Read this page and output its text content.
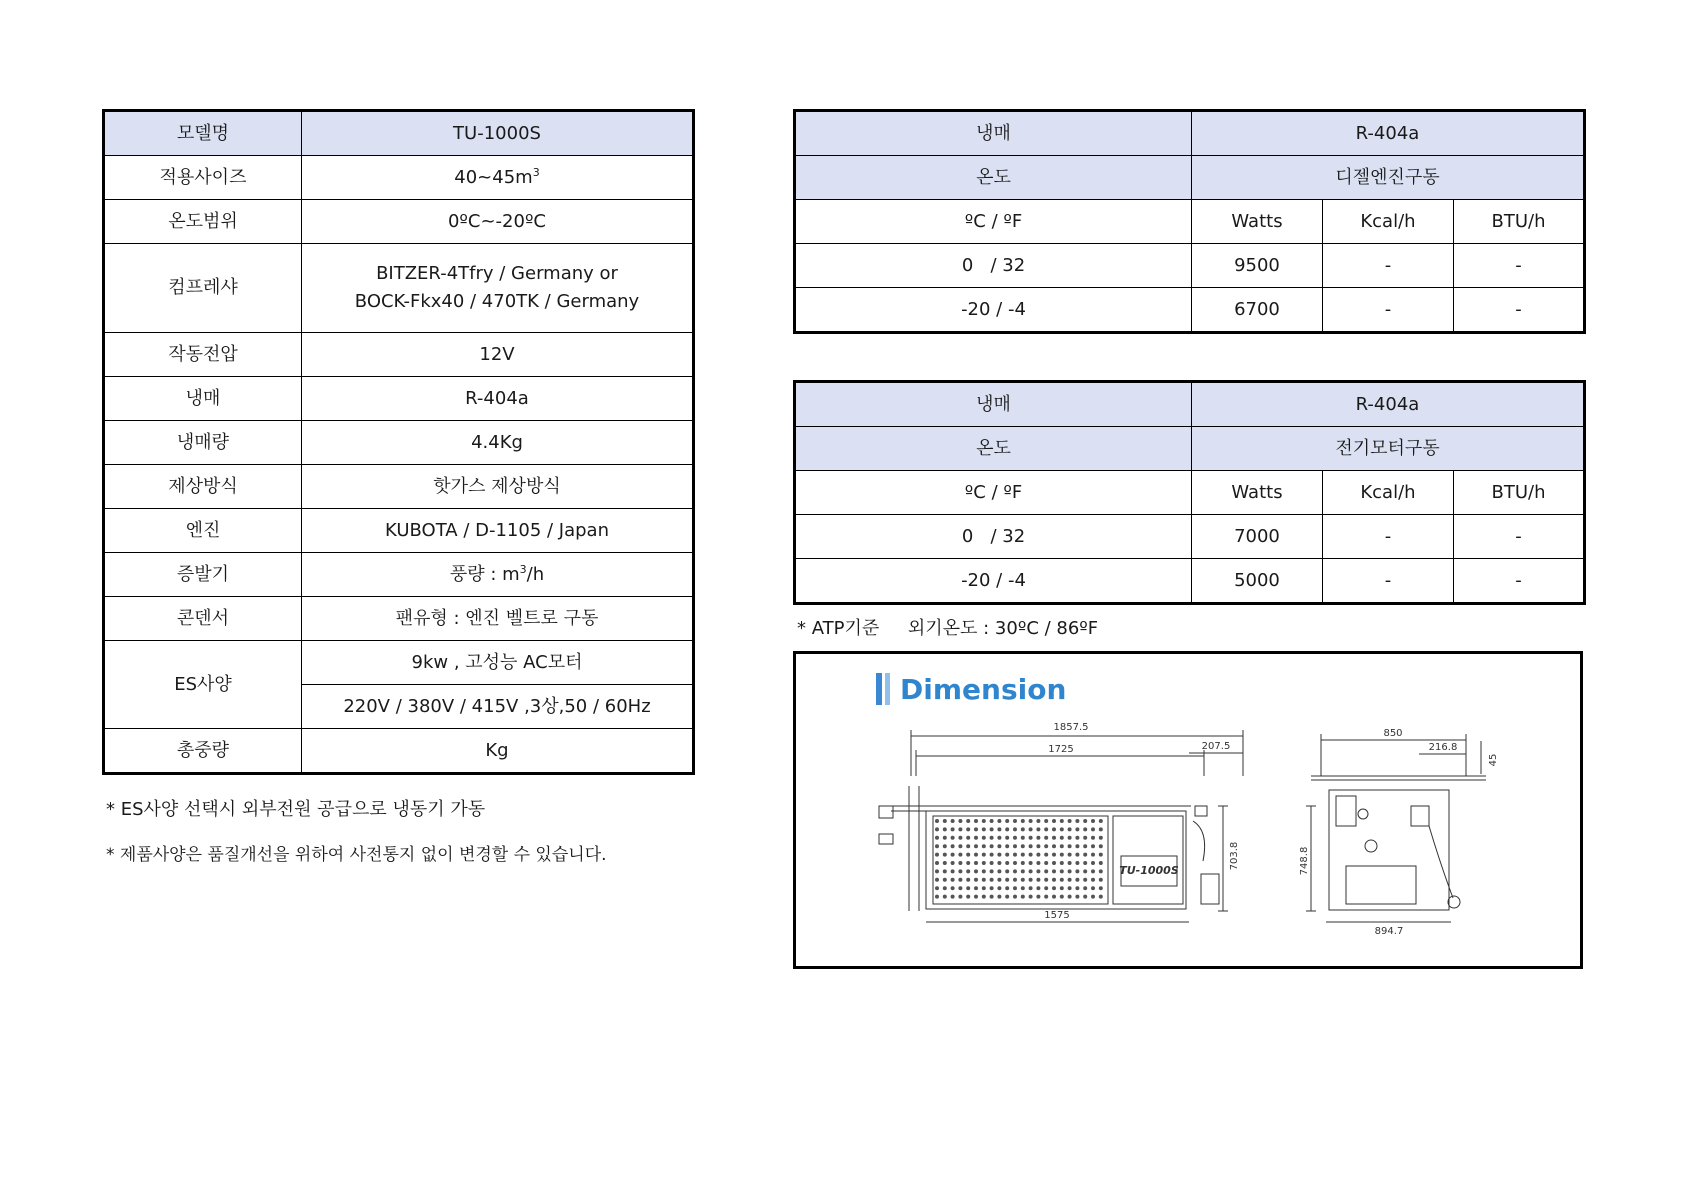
모델명	TU-1000S
적용사이즈	$40\sim 45m^3$
온도범위	0ºC~-20ºC
컴프레샤	BITZER-4Tfry / Germany or
BOCK-Fkx40 / 470TK / Germany

작동전압	12V
냉매	R-404a
냉매량	4.4Kg
제상방식	핫가스 제상방식
엔진	KUBOTA / D-1105 / Japan
증발기	풍량 : $m^3/h$
콘덴서	팬유형 : 엔진 벨트로 구동
ES사양	9kw , 고성능 AC모터
	220V / 380V / 415V ,3상,50 / 60Hz
총중량	Kg
* ES사양 선택시 외부전원 공급으로 냉동기 가동
* 제품사양은 품질개선을 위하여 사전통지 없이 변경할 수 있습니다.
냉매	R-404a		
온도	디젤엔진구동		
ºC / ºF	Watts	Kcal/h	BTU/h
0   / 32	9500	-	-
-20 / -4	6700	-	-
냉매	R-404a		
온도	전기모터구동		
ºC / ºF	Watts	Kcal/h	BTU/h
0   / 32	7000	-	-
-20 / -4	5000	-	-
* ATP기준     외기온도 : 30ºC / 86ºF
Dimension
1857.5
1725	207.5
1575
703.8
TU-1000S
850
216.8
45
748.8
894.7
